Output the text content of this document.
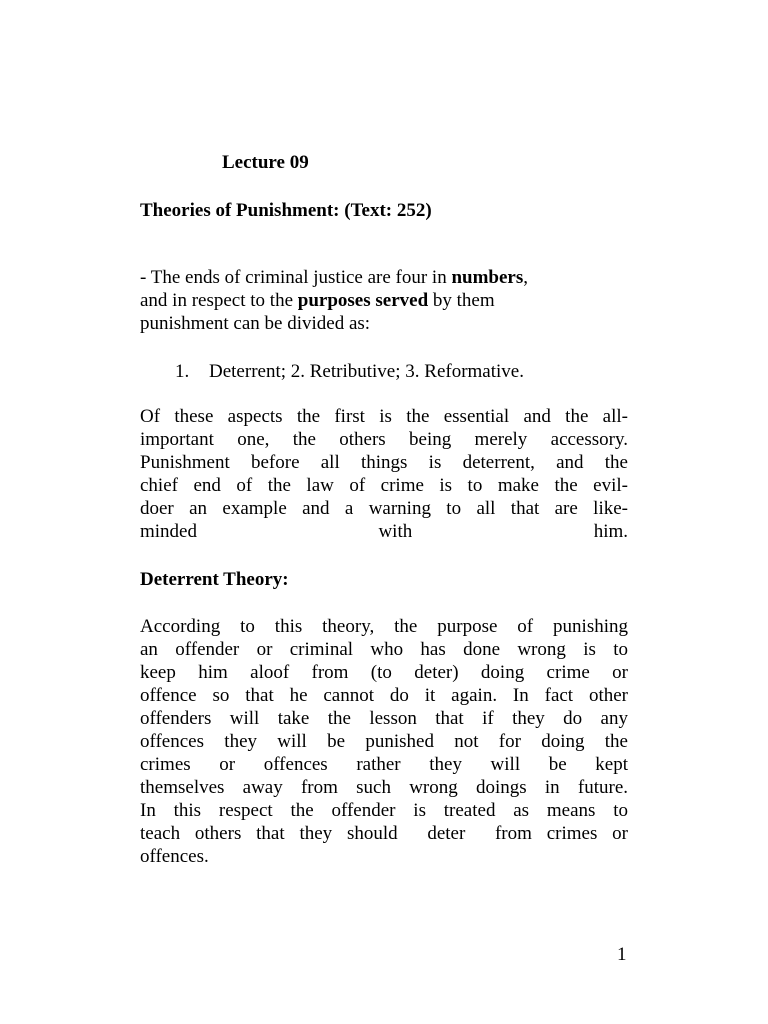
Lecture 09

Theories of Punishment: (Text: 252)

- The ends of criminal justice are four in numbers,
and in respect to the purposes served by them
punishment can be divided as:

1. Deterrent; 2. Retributive; 3. Reformative.

Of these aspects the first is the essential and the all-
important one, the others being merely accessory.
Punishment before all things is deterrent, and the
chief end of the law of crime is to make the evil-
doer an example and a warning to all that are like-
minded	with	him.

Deterrent Theory:

According to this theory, the purpose of punishing
an offender or criminal who has done wrong is to
keep him aloof from (to deter) doing crime or
offence so that he cannot do it again. In fact other
offenders will take the lesson that if they do any
offences they will be punished not for doing the
crimes or offences rather they will be kept
themselves away from such wrong doings in future.
In this respect the offender is treated as means to
teach others that they should  deter  from crimes or
offences.

1
